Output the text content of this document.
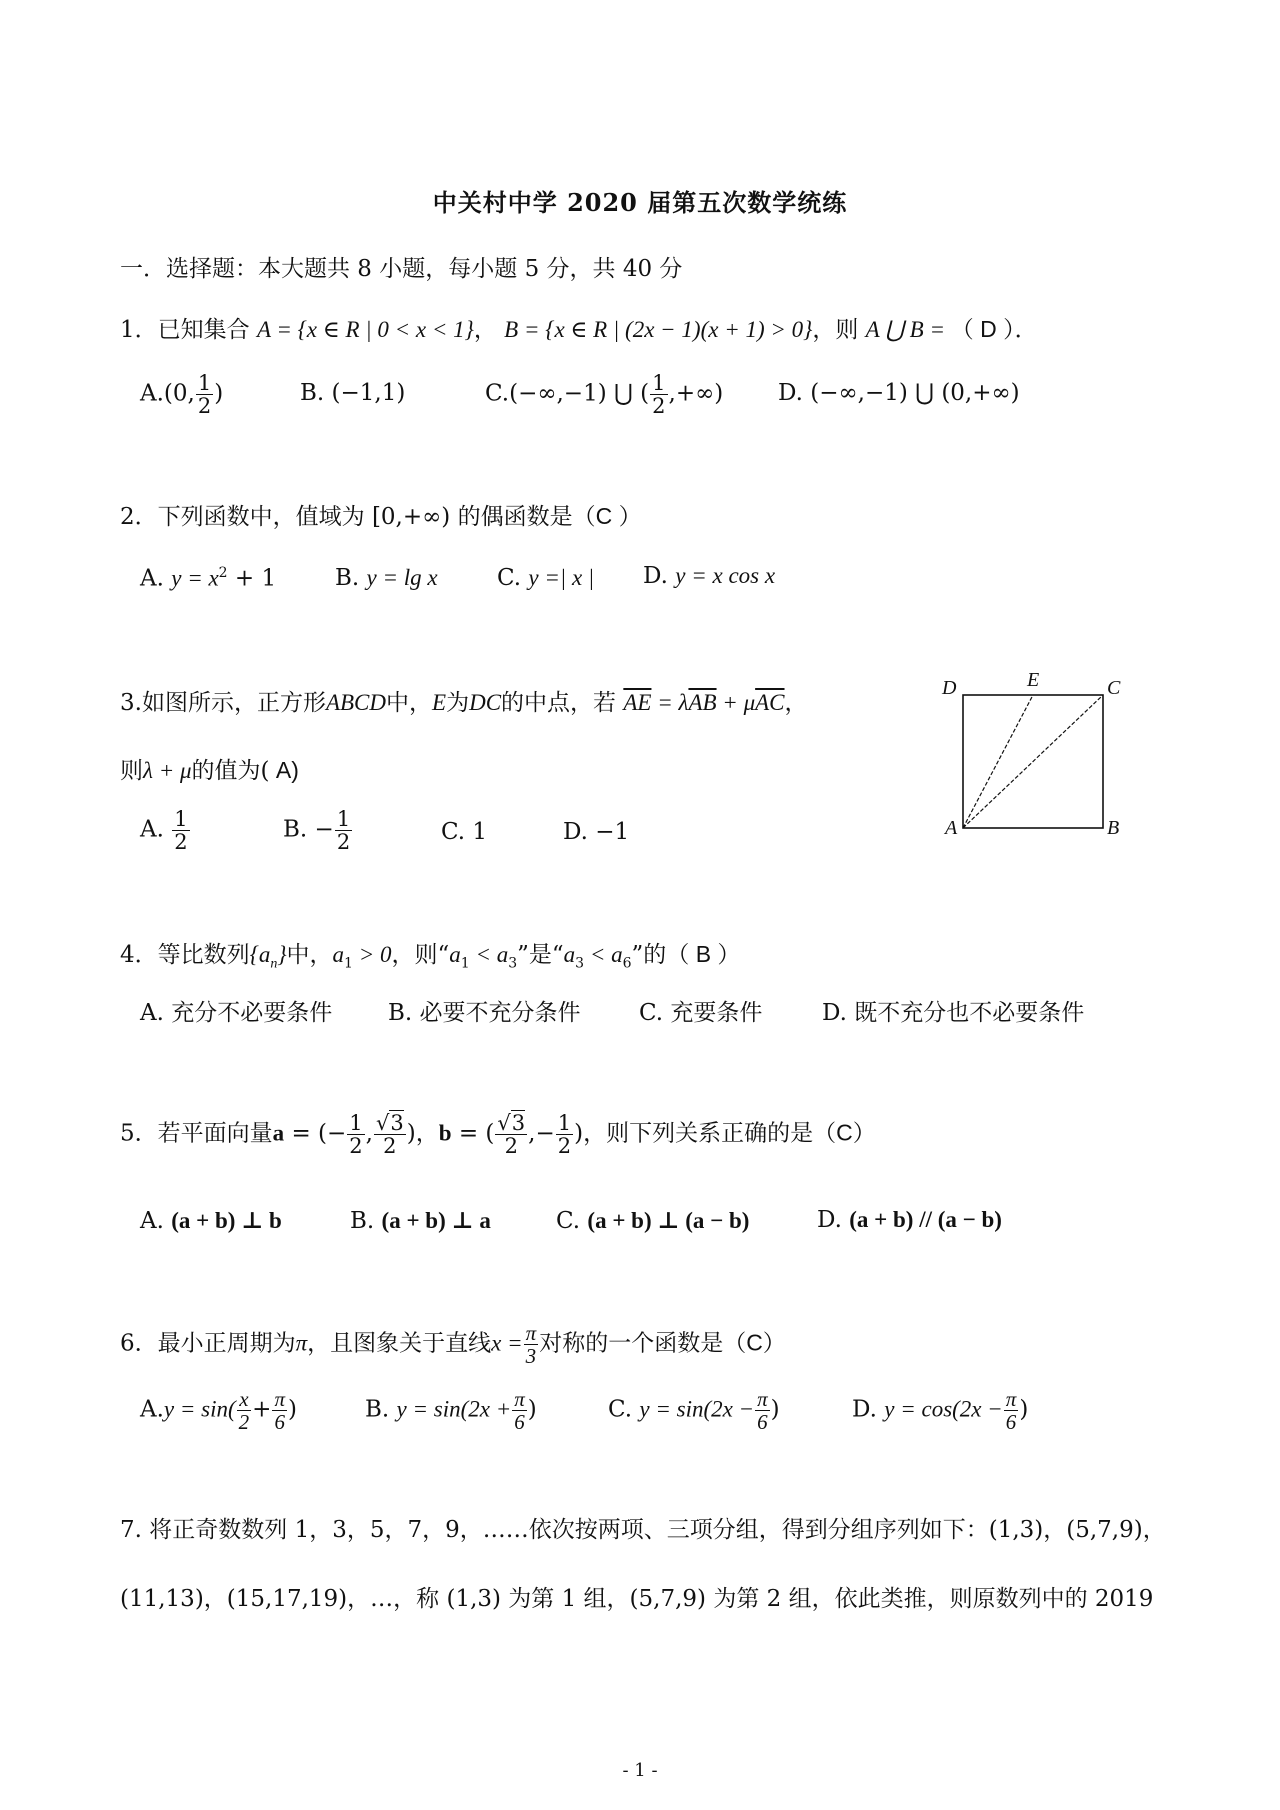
中关村中学 2020 届第五次数学统练
一．选择题：本大题共 8 小题，每小题 5 分，共 40 分
1．已知集合 A = {x ∈ R | 0 < x < 1}， B = {x ∈ R | (2x − 1)(x + 1) > 0}，则 A ⋃ B = （ D ）．
A.(0, $\frac{1}{2}$ )	B. (−1,1)	C.(−∞,−1) ⋃ ( $\frac{1}{2}$ ,+∞) D. (−∞,−1) ⋃ (0,+∞)
2．下列函数中，值域为 [0,+∞) 的偶函数是（C ）
A. $y = x^2 + 1$	B. y = lg x	C. y =| x | D. y = x cos x
3.如图所示，正方形ABCD中，E为DC的中点，若 $\overline{AE} = \lambda\overline{AB} + \mu\overline{AC}$，
则λ + μ的值为( A)
A. $\frac{1}{2}$	B. − $\frac{1}{2}$	C. 1	D. −1
D	E	C
A	B
4．等比数列$\{a_n\}$中，$a_1 > 0$，则“$a_1 < a_3$”是“$a_3 < a_6$”的（ B ）
A. 充分不必要条件 B. 必要不充分条件	C. 充要条件	D. 既不充分也不必要条件
5．若平面向量a = (− $\frac{1}{2}$ , $\frac{√3}{2}$ )，b = ( $\frac{√3}{2}$ ,− $\frac{1}{2}$ )，则下列关系正确的是（C）
A. (a + b) ⊥ b	B. (a + b) ⊥ a	C. (a + b) ⊥ (a − b)	D. (a + b) // (a − b)
6．最小正周期为π，且图象关于直线$x = \frac{\pi}{3}$ 对称的一个函数是（C）
$A.y = \sin( \frac{x}{2} + \frac{\pi}{6}$ )	B. $y = \sin(2x + \frac{\pi}{6}$ )	C. $y = \sin(2x - \frac{\pi}{6}$ )	D. $y = \cos(2x - \frac{\pi}{6}$ )
7. 将正奇数数列 1，3，5，7，9，……依次按两项、三项分组，得到分组序列如下：(1,3)，(5,7,9)，
(11,13)，(15,17,19)，…，称 (1,3) 为第 1 组，(5,7,9) 为第 2 组，依此类推，则原数列中的 2019
- 1 -
